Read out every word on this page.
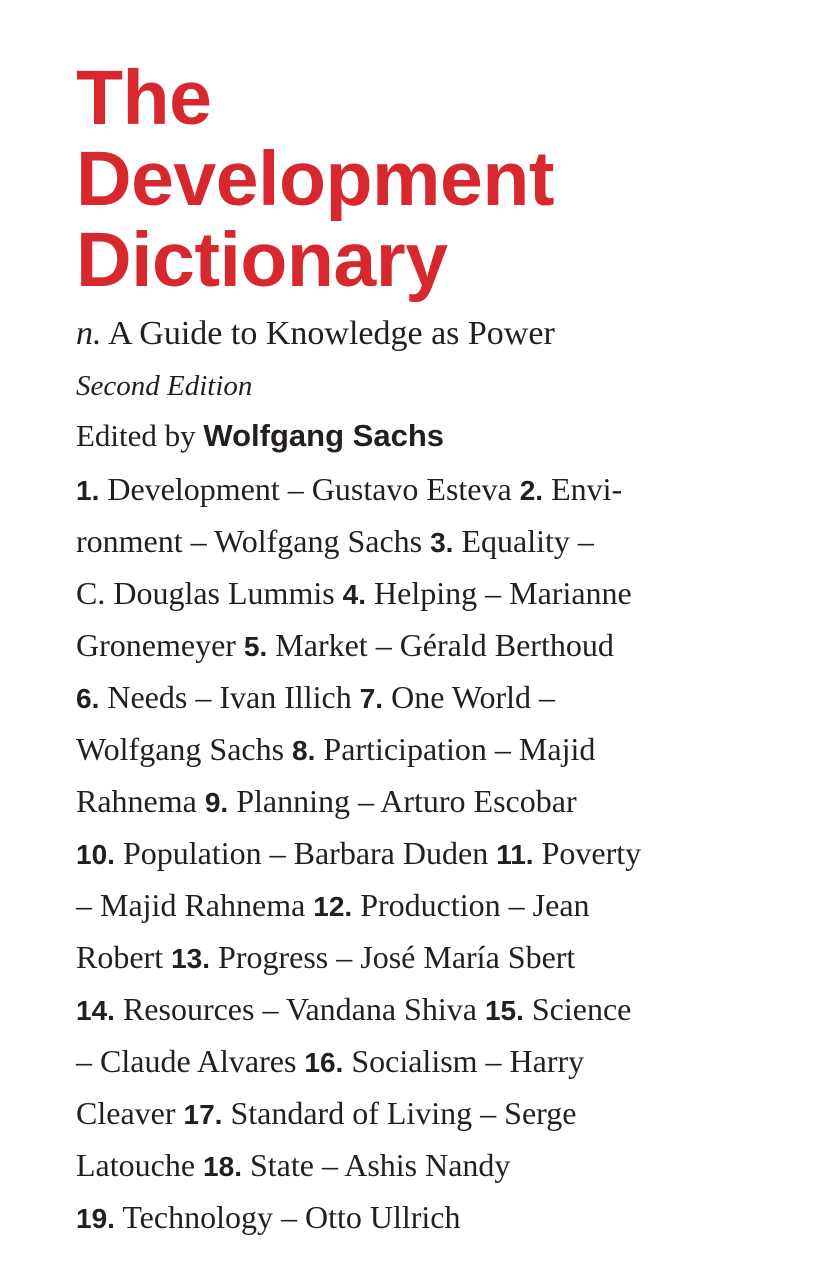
The
Development
Dictionary

n. A Guide to Knowledge as Power

Second Edition

Edited by Wolfgang Sachs

1. Development – Gustavo Esteva 2. Envi-
ronment – Wolfgang Sachs 3. Equality –
C. Douglas Lummis 4. Helping – Marianne
Gronemeyer 5. Market – Gérald Berthoud
6. Needs – Ivan Illich 7. One World –
Wolfgang Sachs 8. Participation – Majid
Rahnema 9. Planning – Arturo Escobar
10. Population – Barbara Duden 11. Poverty
– Majid Rahnema 12. Production – Jean
Robert 13. Progress – José María Sbert
14. Resources – Vandana Shiva 15. Science
– Claude Alvares 16. Socialism – Harry
Cleaver 17. Standard of Living – Serge
Latouche 18. State – Ashis Nandy
19. Technology – Otto Ullrich
